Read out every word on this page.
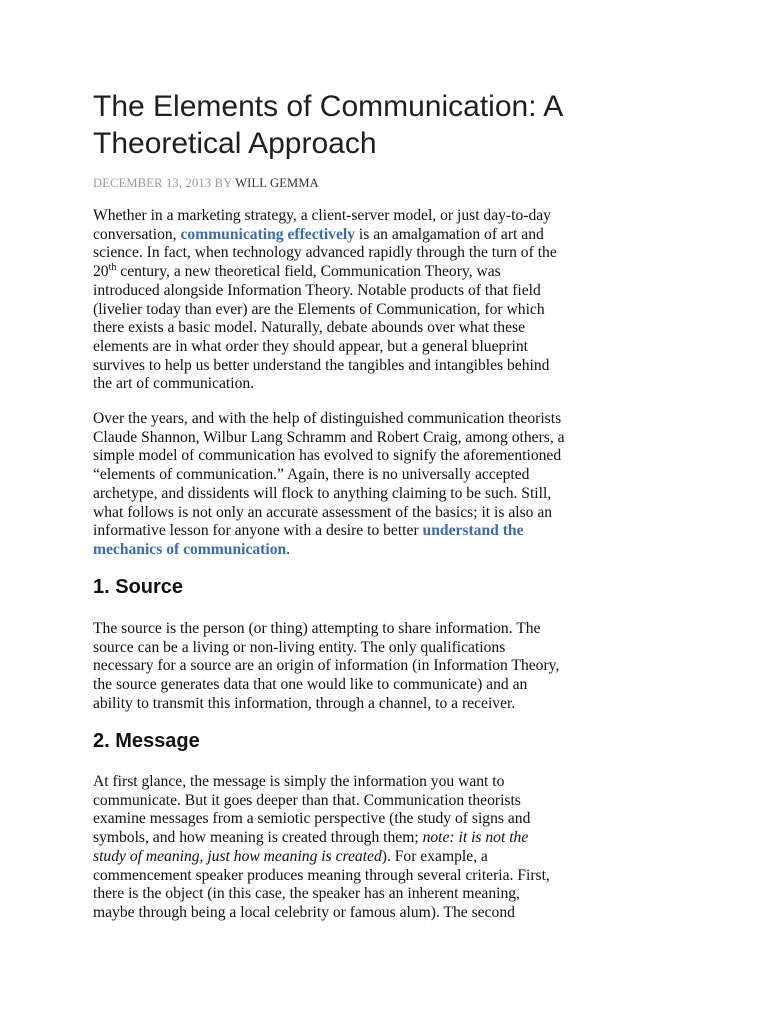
The Elements of Communication: A
Theoretical Approach
DECEMBER 13, 2013 BY WILL GEMMA

Whether in a marketing strategy, a client-server model, or just day-to-day
conversation, communicating effectively is an amalgamation of art and
science. In fact, when technology advanced rapidly through the turn of the
20th century, a new theoretical field, Communication Theory, was
introduced alongside Information Theory. Notable products of that field
(livelier today than ever) are the Elements of Communication, for which
there exists a basic model. Naturally, debate abounds over what these
elements are in what order they should appear, but a general blueprint
survives to help us better understand the tangibles and intangibles behind
the art of communication.

Over the years, and with the help of distinguished communication theorists
Claude Shannon, Wilbur Lang Schramm and Robert Craig, among others, a
simple model of communication has evolved to signify the aforementioned
“elements of communication.” Again, there is no universally accepted
archetype, and dissidents will flock to anything claiming to be such. Still,
what follows is not only an accurate assessment of the basics; it is also an
informative lesson for anyone with a desire to better understand the
mechanics of communication.

1. Source

The source is the person (or thing) attempting to share information. The
source can be a living or non-living entity. The only qualifications
necessary for a source are an origin of information (in Information Theory,
the source generates data that one would like to communicate) and an
ability to transmit this information, through a channel, to a receiver.

2. Message

At first glance, the message is simply the information you want to
communicate. But it goes deeper than that. Communication theorists
examine messages from a semiotic perspective (the study of signs and
symbols, and how meaning is created through them; note: it is not the
study of meaning, just how meaning is created). For example, a
commencement speaker produces meaning through several criteria. First,
there is the object (in this case, the speaker has an inherent meaning,
maybe through being a local celebrity or famous alum). The second
